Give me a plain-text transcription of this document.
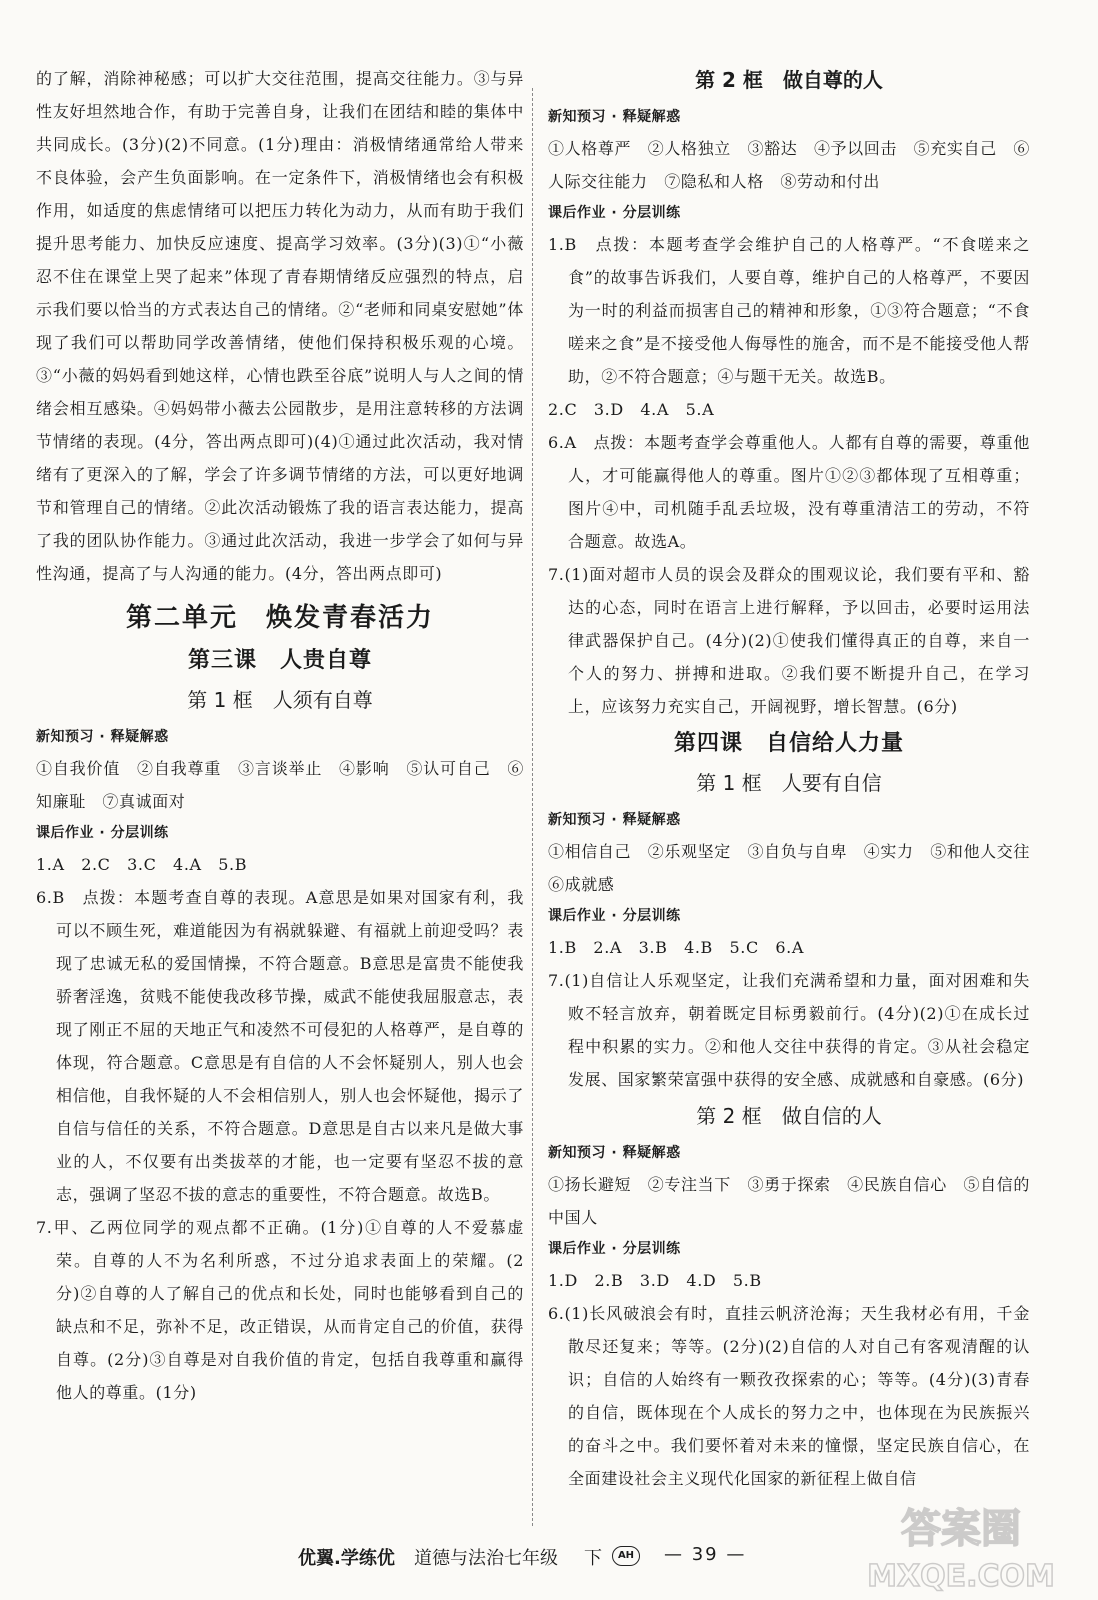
的了解，消除神秘感；可以扩大交往范围，提高交往能力。③与异性友好坦然地合作，有助于完善自身，让我们在团结和睦的集体中共同成长。(3分)(2)不同意。(1分)理由：消极情绪通常给人带来不良体验，会产生负面影响。在一定条件下，消极情绪也会有积极作用，如适度的焦虑情绪可以把压力转化为动力，从而有助于我们提升思考能力、加快反应速度、提高学习效率。(3分)(3)①“小薇忍不住在课堂上哭了起来”体现了青春期情绪反应强烈的特点，启示我们要以恰当的方式表达自己的情绪。②“老师和同桌安慰她”体现了我们可以帮助同学改善情绪，使他们保持积极乐观的心境。③“小薇的妈妈看到她这样，心情也跌至谷底”说明人与人之间的情绪会相互感染。④妈妈带小薇去公园散步，是用注意转移的方法调节情绪的表现。(4分，答出两点即可)(4)①通过此次活动，我对情绪有了更深入的了解，学会了许多调节情绪的方法，可以更好地调节和管理自己的情绪。②此次活动锻炼了我的语言表达能力，提高了我的团队协作能力。③通过此次活动，我进一步学会了如何与异性沟通，提高了与人沟通的能力。(4分，答出两点即可)

第二单元　焕发青春活力
第三课　人贵自尊
第 1 框　人须有自尊
新知预习 · 释疑解惑

①自我价值　②自我尊重　③言谈举止　④影响　⑤认可自己　⑥知廉耻　⑦真诚面对

课后作业 · 分层训练

1.A　2.C　3.C　4.A　5.B

6.B　点拨：本题考查自尊的表现。A意思是如果对国家有利，我可以不顾生死，难道能因为有祸就躲避、有福就上前迎受吗？表现了忠诚无私的爱国情操，不符合题意。B意思是富贵不能使我骄奢淫逸，贫贱不能使我改移节操，威武不能使我屈服意志，表现了刚正不屈的天地正气和凌然不可侵犯的人格尊严，是自尊的体现，符合题意。C意思是有自信的人不会怀疑别人，别人也会相信他，自我怀疑的人不会相信别人，别人也会怀疑他，揭示了自信与信任的关系，不符合题意。D意思是自古以来凡是做大事业的人，不仅要有出类拔萃的才能，也一定要有坚忍不拔的意志，强调了坚忍不拔的意志的重要性，不符合题意。故选B。

7.甲、乙两位同学的观点都不正确。(1分)①自尊的人不爱慕虚荣。自尊的人不为名利所惑，不过分追求表面上的荣耀。(2分)②自尊的人了解自己的优点和长处，同时也能够看到自己的缺点和不足，弥补不足，改正错误，从而肯定自己的价值，获得自尊。(2分)③自尊是对自我价值的肯定，包括自我尊重和赢得他人的尊重。(1分)

第 2 框　做自尊的人
新知预习 · 释疑解惑

①人格尊严　②人格独立　③豁达　④予以回击　⑤充实自己　⑥人际交往能力　⑦隐私和人格　⑧劳动和付出

课后作业 · 分层训练

1.B　点拨：本题考查学会维护自己的人格尊严。“不食嗟来之食”的故事告诉我们，人要自尊，维护自己的人格尊严，不要因为一时的利益而损害自己的精神和形象，①③符合题意；“不食嗟来之食”是不接受他人侮辱性的施舍，而不是不能接受他人帮助，②不符合题意；④与题干无关。故选B。

2.C　3.D　4.A　5.A

6.A　点拨：本题考查学会尊重他人。人都有自尊的需要，尊重他人，才可能赢得他人的尊重。图片①②③都体现了互相尊重；图片④中，司机随手乱丢垃圾，没有尊重清洁工的劳动，不符合题意。故选A。

7.(1)面对超市人员的误会及群众的围观议论，我们要有平和、豁达的心态，同时在语言上进行解释，予以回击，必要时运用法律武器保护自己。(4分)(2)①使我们懂得真正的自尊，来自一个人的努力、拼搏和进取。②我们要不断提升自己，在学习上，应该努力充实自己，开阔视野，增长智慧。(6分)

第四课　自信给人力量
第 1 框　人要有自信
新知预习 · 释疑解惑

①相信自己　②乐观坚定　③自负与自卑　④实力　⑤和他人交往　⑥成就感

课后作业 · 分层训练

1.B　2.A　3.B　4.B　5.C　6.A

7.(1)自信让人乐观坚定，让我们充满希望和力量，面对困难和失败不轻言放弃，朝着既定目标勇毅前行。(4分)(2)①在成长过程中积累的实力。②和他人交往中获得的肯定。③从社会稳定发展、国家繁荣富强中获得的安全感、成就感和自豪感。(6分)

第 2 框　做自信的人
新知预习 · 释疑解惑

①扬长避短　②专注当下　③勇于探索　④民族自信心　⑤自信的中国人

课后作业 · 分层训练

1.D　2.B　3.D　4.D　5.B

6.(1)长风破浪会有时，直挂云帆济沧海；天生我材必有用，千金散尽还复来；等等。(2分)(2)自信的人对自己有客观清醒的认识；自信的人始终有一颗孜孜探索的心；等等。(4分)(3)青春的自信，既体现在个人成长的努力之中，也体现在为民族振兴的奋斗之中。我们要怀着对未来的憧憬，坚定民族自信心，在全面建设社会主义现代化国家的新征程上做自信

优翼.学练优 道德与法治七年级 下	AH	— 39 —
答案圈
MXQE.COM
